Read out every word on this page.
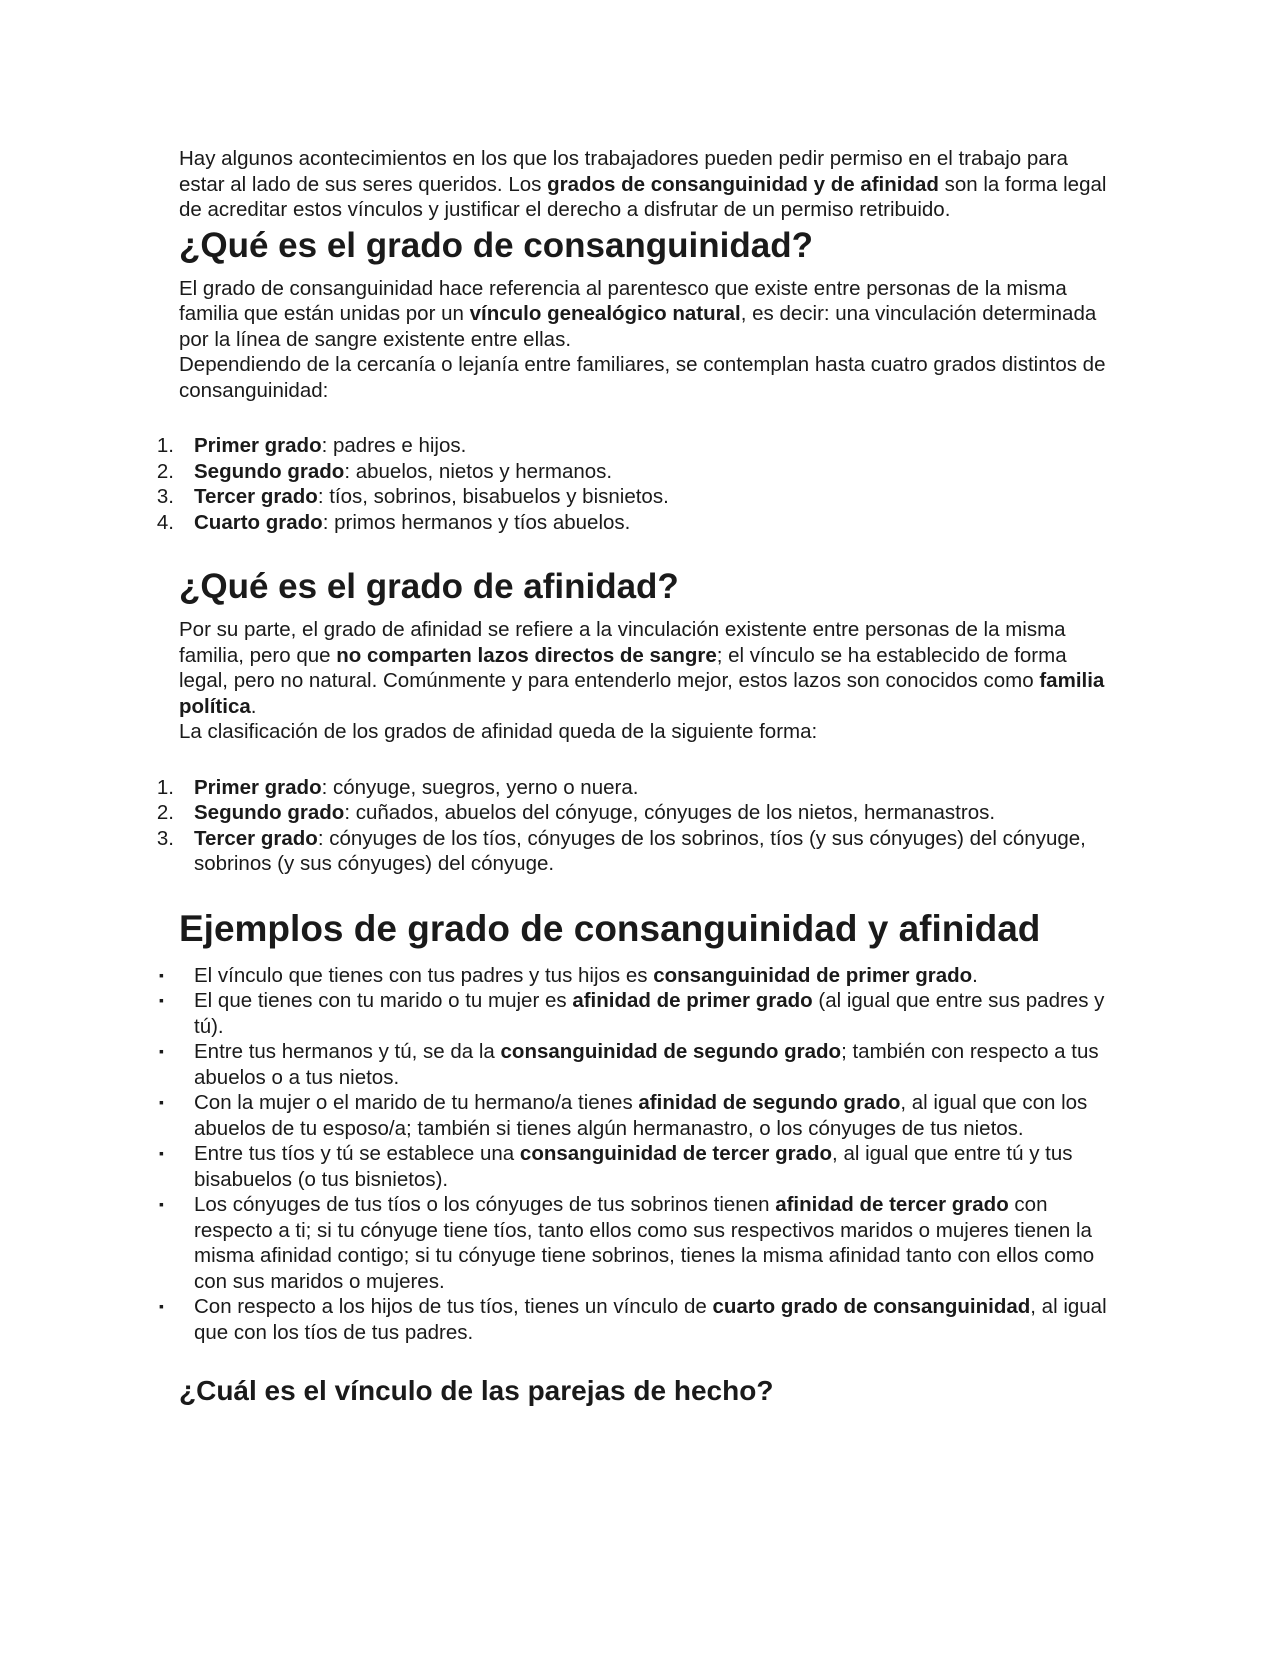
Hay algunos acontecimientos en los que los trabajadores pueden pedir permiso en el trabajo para estar al lado de sus seres queridos. Los grados de consanguinidad y de afinidad son la forma legal de acreditar estos vínculos y justificar el derecho a disfrutar de un permiso retribuido.

¿Qué es el grado de consanguinidad?

El grado de consanguinidad hace referencia al parentesco que existe entre personas de la misma familia que están unidas por un vínculo genealógico natural, es decir: una vinculación determinada por la línea de sangre existente entre ellas.
Dependiendo de la cercanía o lejanía entre familiares, se contemplan hasta cuatro grados distintos de consanguinidad:

1. Primer grado: padres e hijos.
2. Segundo grado: abuelos, nietos y hermanos.
3. Tercer grado: tíos, sobrinos, bisabuelos y bisnietos.
4. Cuarto grado: primos hermanos y tíos abuelos.
¿Qué es el grado de afinidad?

Por su parte, el grado de afinidad se refiere a la vinculación existente entre personas de la misma familia, pero que no comparten lazos directos de sangre; el vínculo se ha establecido de forma legal, pero no natural. Comúnmente y para entenderlo mejor, estos lazos son conocidos como familia política.
La clasificación de los grados de afinidad queda de la siguiente forma:

1. Primer grado: cónyuge, suegros, yerno o nuera.
2. Segundo grado: cuñados, abuelos del cónyuge, cónyuges de los nietos, hermanastros.
3. Tercer grado: cónyuges de los tíos, cónyuges de los sobrinos, tíos (y sus cónyuges) del cónyuge, sobrinos (y sus cónyuges) del cónyuge.
Ejemplos de grado de consanguinidad y afinidad
▪ El vínculo que tienes con tus padres y tus hijos es consanguinidad de primer grado.
▪ El que tienes con tu marido o tu mujer es afinidad de primer grado (al igual que entre sus padres y tú).
▪ Entre tus hermanos y tú, se da la consanguinidad de segundo grado; también con respecto a tus abuelos o a tus nietos.
▪ Con la mujer o el marido de tu hermano/a tienes afinidad de segundo grado, al igual que con los abuelos de tu esposo/a; también si tienes algún hermanastro, o los cónyuges de tus nietos.
▪ Entre tus tíos y tú se establece una consanguinidad de tercer grado, al igual que entre tú y tus bisabuelos (o tus bisnietos).
▪ Los cónyuges de tus tíos o los cónyuges de tus sobrinos tienen afinidad de tercer grado con respecto a ti; si tu cónyuge tiene tíos, tanto ellos como sus respectivos maridos o mujeres tienen la misma afinidad contigo; si tu cónyuge tiene sobrinos, tienes la misma afinidad tanto con ellos como con sus maridos o mujeres.
▪ Con respecto a los hijos de tus tíos, tienes un vínculo de cuarto grado de consanguinidad, al igual que con los tíos de tus padres.
¿Cuál es el vínculo de las parejas de hecho?
